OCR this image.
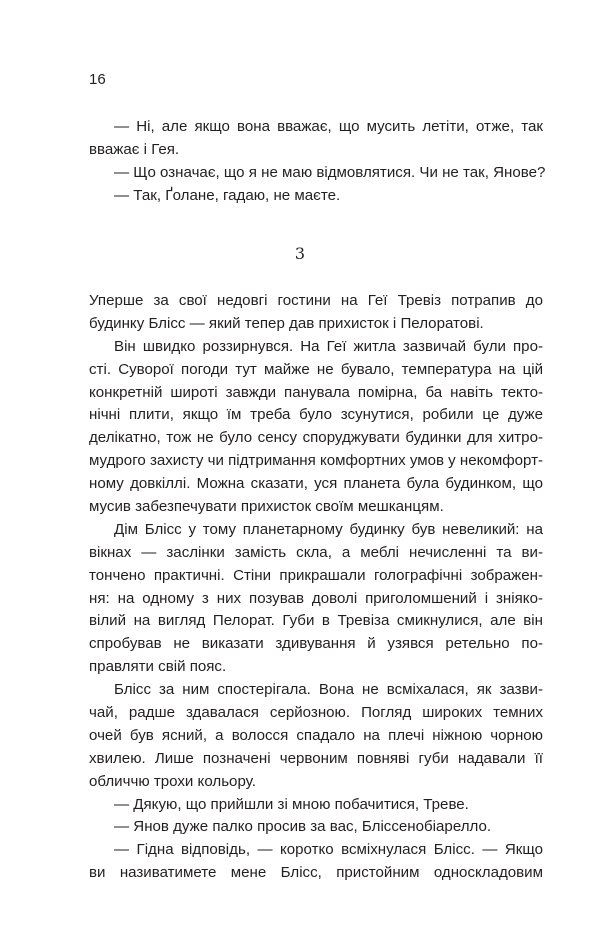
16
— Ні, але якщо вона вважає, що мусить летіти, отже, так
вважає і Гея.
— Що означає, що я не маю відмовлятися. Чи не так, Янове?
— Так, Ґолане, гадаю, не маєте.
3
Уперше за свої недовгі гостини на Геї Тревіз потрапив до
будинку Блісс — який тепер дав прихисток і Пелоратові.
Він швидко роззирнувся. На Геї житла зазвичай були про-
сті. Суворої погоди тут майже не бувало, температура на цій
конкретній широті завжди панувала помірна, ба навіть текто-
нічні плити, якщо їм треба було зсунутися, робили це дуже
делікатно, тож не було сенсу споруджувати будинки для хитро-
мудрого захисту чи підтримання комфортних умов у некомфорт-
ному довкіллі. Можна сказати, уся планета була будинком, що
мусив забезпечувати прихисток своїм мешканцям.
Дім Блісс у тому планетарному будинку був невеликий: на
вікнах — заслінки замість скла, а меблі нечисленні та ви-
тончено практичні. Стіни прикрашали голографічні зображен-
ня: на одному з них позував доволі приголомшений і зніяко-
вілий на вигляд Пелорат. Губи в Тревіза смикнулися, але він
спробував не виказати здивування й узявся ретельно по-
правляти свій пояс.
Блісс за ним спостерігала. Вона не всміхалася, як зазви-
чай, радше здавалася серйозною. Погляд широких темних
очей був ясний, а волосся спадало на плечі ніжною чорною
хвилею. Лише позначені червоним повняві губи надавали її
обличчю трохи кольору.
— Дякую, що прийшли зі мною побачитися, Треве.
— Янов дуже палко просив за вас, Блісcенобіарелло.
— Гідна відповідь, — коротко всміхнулася Блісс. — Якщо
ви називатимете мене Блісс, пристойним односкладовим
